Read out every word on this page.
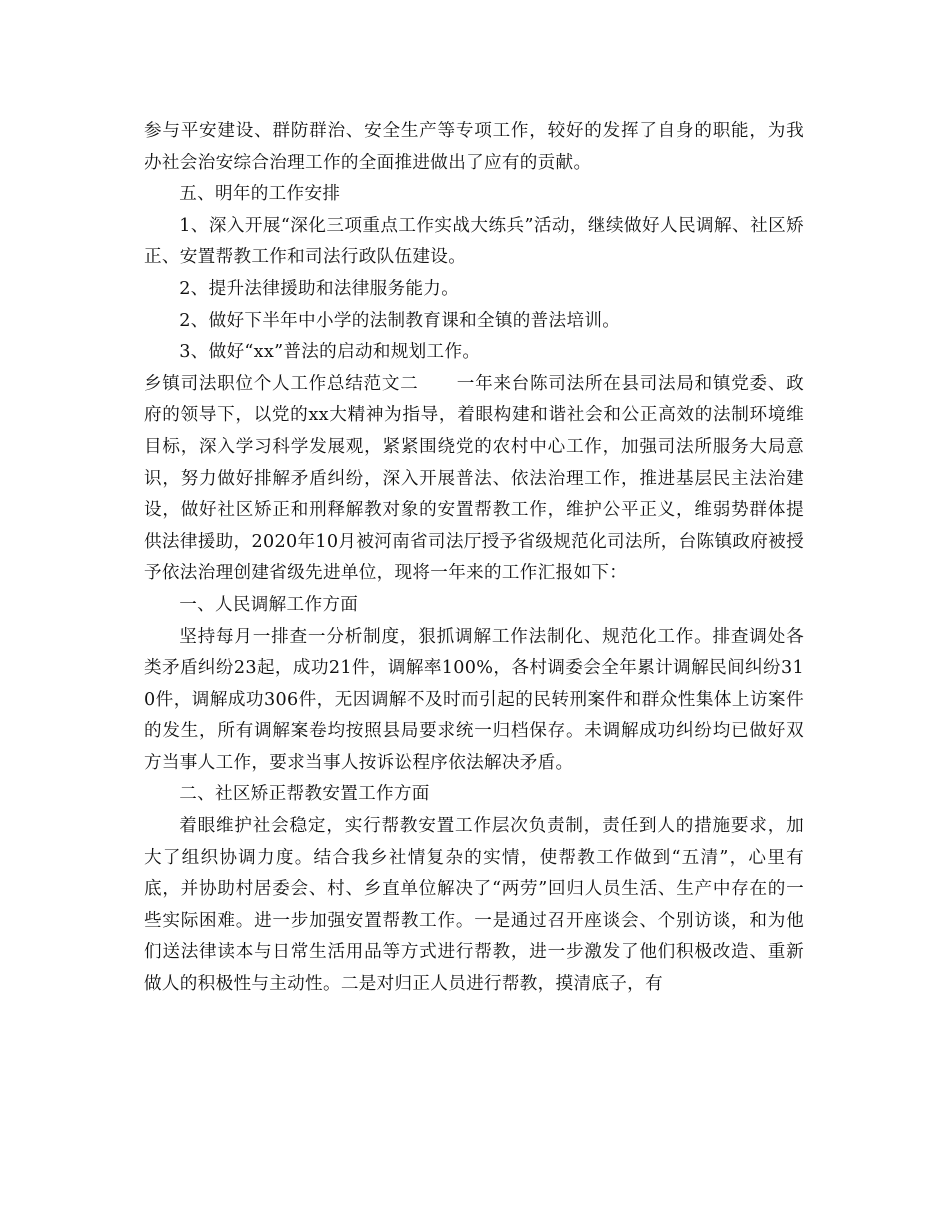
参与平安建设、群防群治、安全生产等专项工作，较好的发挥了自身的职能，为我办社会治安综合治理工作的全面推进做出了应有的贡献。

五、明年的工作安排

1、深入开展“深化三项重点工作实战大练兵”活动，继续做好人民调解、社区矫正、安置帮教工作和司法行政队伍建设。

2、提升法律援助和法律服务能力。

2、做好下半年中小学的法制教育课和全镇的普法培训。

3、做好“xx”普法的启动和规划工作。

乡镇司法职位个人工作总结范文二 一年来台陈司法所在县司法局和镇党委、政府的领导下，以党的xx大精神为指导，着眼构建和谐社会和公正高效的法制环境维目标，深入学习科学发展观，紧紧围绕党的农村中心工作，加强司法所服务大局意识，努力做好排解矛盾纠纷，深入开展普法、依法治理工作，推进基层民主法治建设，做好社区矫正和刑释解教对象的安置帮教工作，维护公平正义，维弱势群体提供法律援助，2020年10月被河南省司法厅授予省级规范化司法所，台陈镇政府被授予依法治理创建省级先进单位，现将一年来的工作汇报如下：

一、人民调解工作方面

坚持每月一排查一分析制度，狠抓调解工作法制化、规范化工作。排查调处各类矛盾纠纷23起，成功21件，调解率100%，各村调委会全年累计调解民间纠纷310件，调解成功306件，无因调解不及时而引起的民转刑案件和群众性集体上访案件的发生，所有调解案卷均按照县局要求统一归档保存。未调解成功纠纷均已做好双方当事人工作，要求当事人按诉讼程序依法解决矛盾。

二、社区矫正帮教安置工作方面

着眼维护社会稳定，实行帮教安置工作层次负责制，责任到人的措施要求，加大了组织协调力度。结合我乡社情复杂的实情，使帮教工作做到“五清”，心里有底，并协助村居委会、村、乡直单位解决了“两劳”回归人员生活、生产中存在的一些实际困难。进一步加强安置帮教工作。一是通过召开座谈会、个别访谈，和为他们送法律读本与日常生活用品等方式进行帮教，进一步激发了他们积极改造、重新做人的积极性与主动性。二是对归正人员进行帮教，摸清底子，有
